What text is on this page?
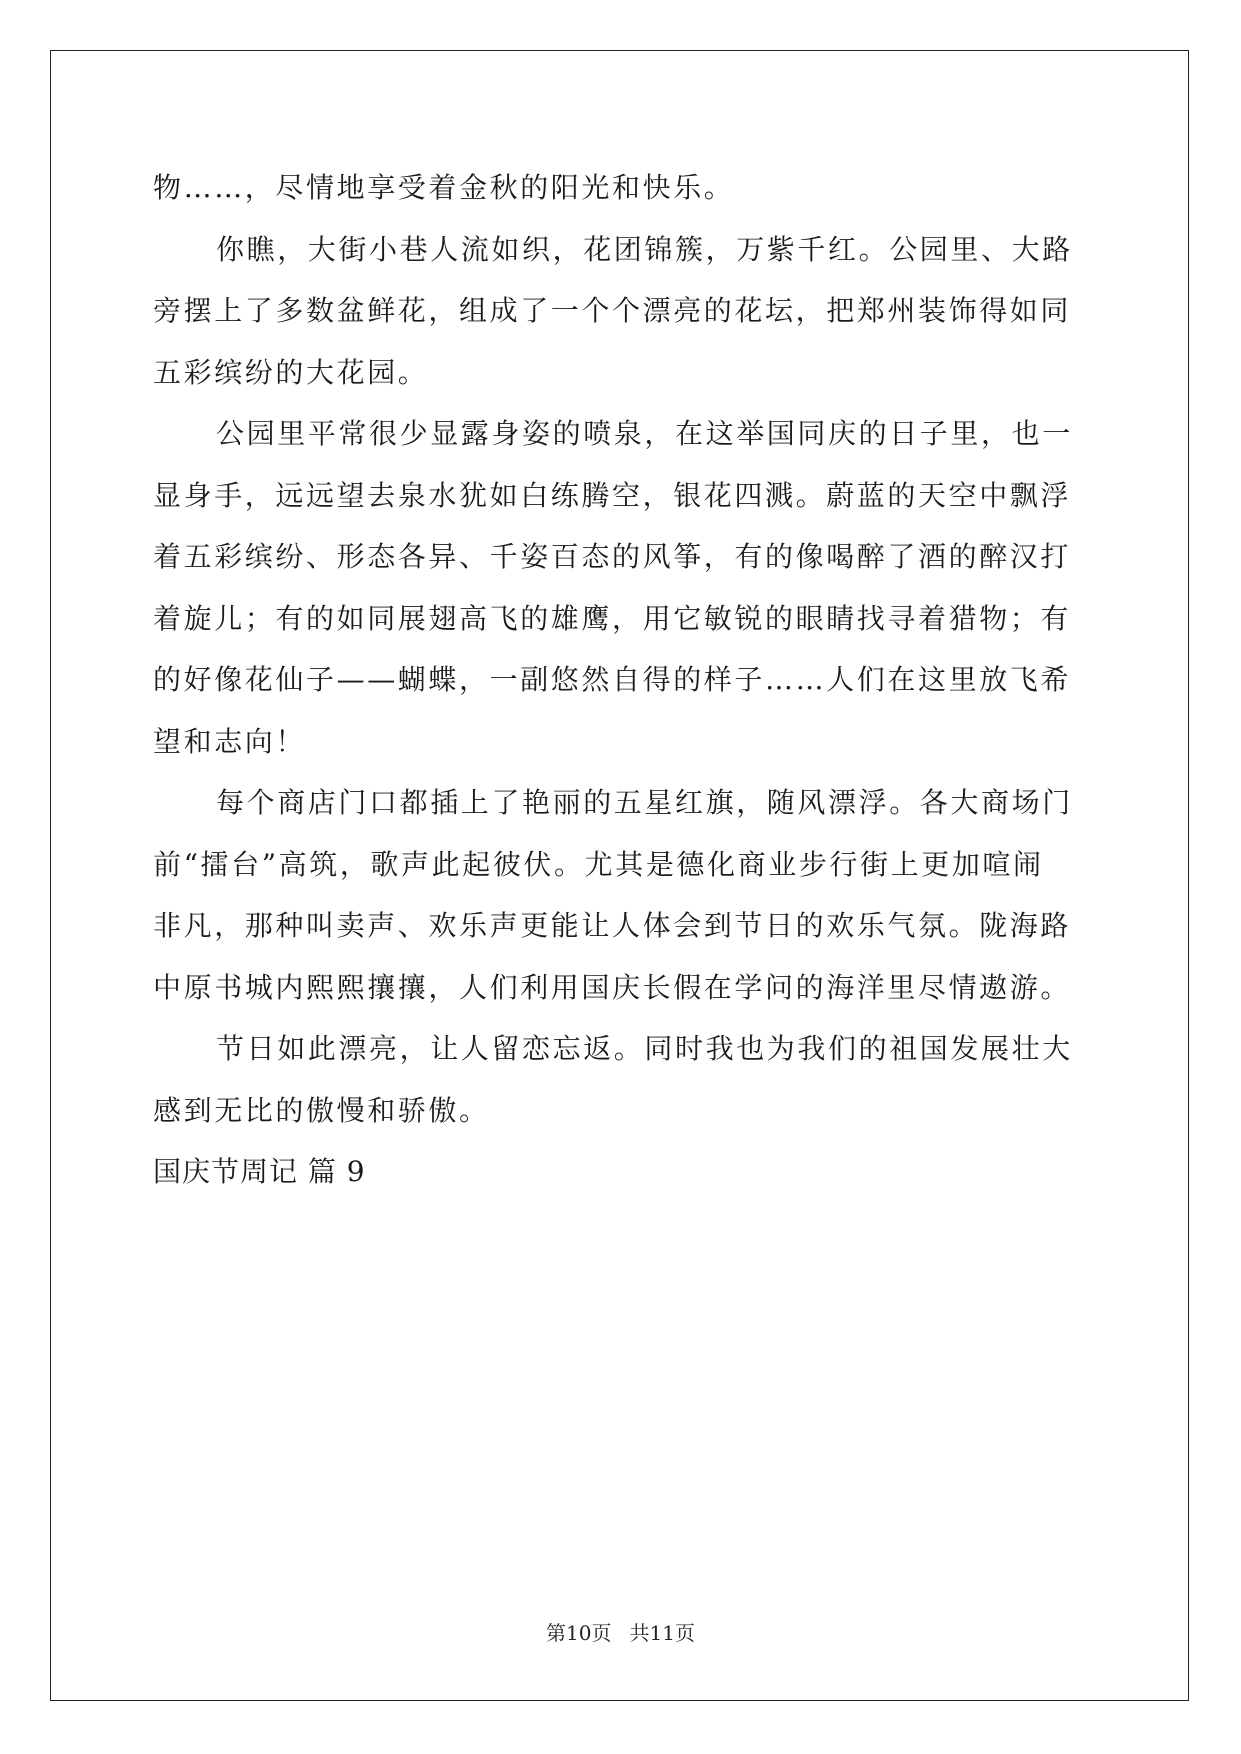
物……，尽情地享受着金秋的阳光和快乐。
你瞧，大街小巷人流如织，花团锦簇，万紫千红。公园里、大路
旁摆上了多数盆鲜花，组成了一个个漂亮的花坛，把郑州装饰得如同
五彩缤纷的大花园。
公园里平常很少显露身姿的喷泉，在这举国同庆的日子里，也一
显身手，远远望去泉水犹如白练腾空，银花四溅。蔚蓝的天空中飘浮
着五彩缤纷、形态各异、千姿百态的风筝，有的像喝醉了酒的醉汉打
着旋儿；有的如同展翅高飞的雄鹰，用它敏锐的眼睛找寻着猎物；有
的好像花仙子——蝴蝶，一副悠然自得的样子……人们在这里放飞希
望和志向！
每个商店门口都插上了艳丽的五星红旗，随风漂浮。各大商场门
前“擂台”高筑，歌声此起彼伏。尤其是德化商业步行街上更加喧闹
非凡，那种叫卖声、欢乐声更能让人体会到节日的欢乐气氛。陇海路
中原书城内熙熙攘攘，人们利用国庆长假在学问的海洋里尽情遨游。
节日如此漂亮，让人留恋忘返。同时我也为我们的祖国发展壮大
感到无比的傲慢和骄傲。
国庆节周记 篇 9
第10页 共11页
